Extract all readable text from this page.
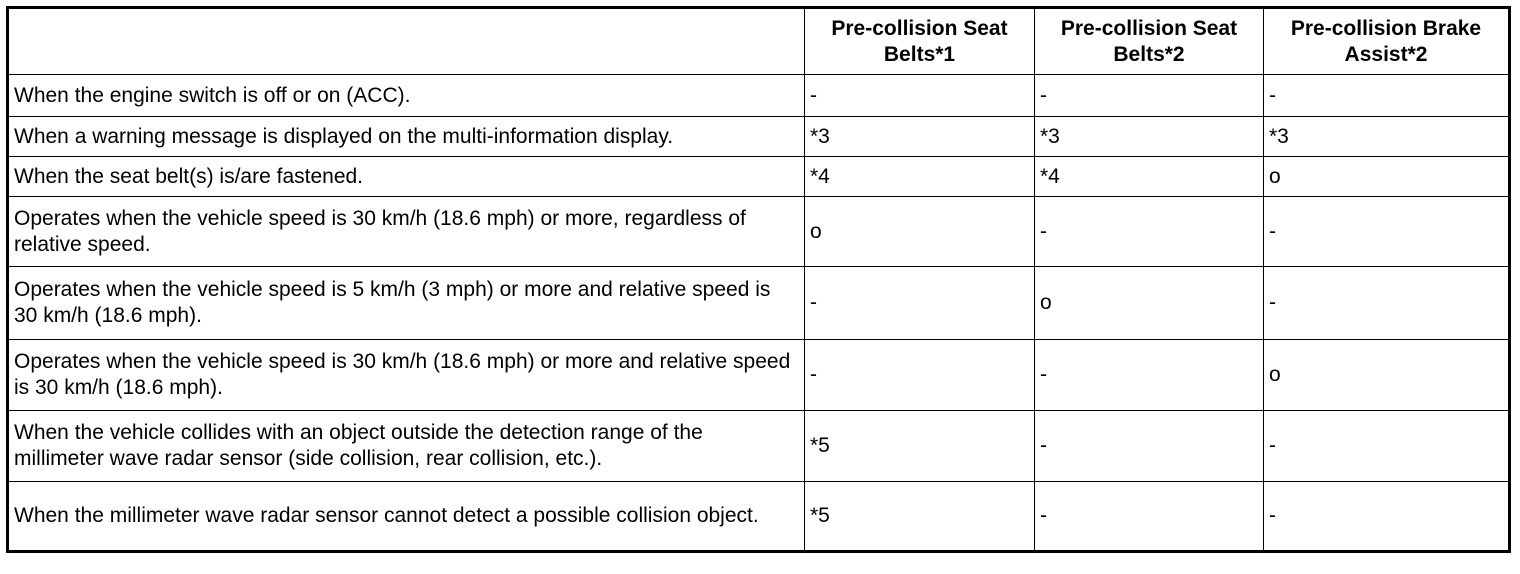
	Pre-collision Seat Belts*1	Pre-collision Seat Belts*2	Pre-collision Brake Assist*2
When the engine switch is off or on (ACC).	-	-	-
When a warning message is displayed on the multi-information display.	*3	*3	*3
When the seat belt(s) is/are fastened.	*4	*4	o
Operates when the vehicle speed is 30 km/h (18.6 mph) or more, regardless of relative speed.	o	-	-
Operates when the vehicle speed is 5 km/h (3 mph) or more and relative speed is 30 km/h (18.6 mph).	-	o	-
Operates when the vehicle speed is 30 km/h (18.6 mph) or more and relative speed is 30 km/h (18.6 mph).	-	-	o
When the vehicle collides with an object outside the detection range of the millimeter wave radar sensor (side collision, rear collision, etc.).	*5	-	-
When the millimeter wave radar sensor cannot detect a possible collision object.	*5	-	-
